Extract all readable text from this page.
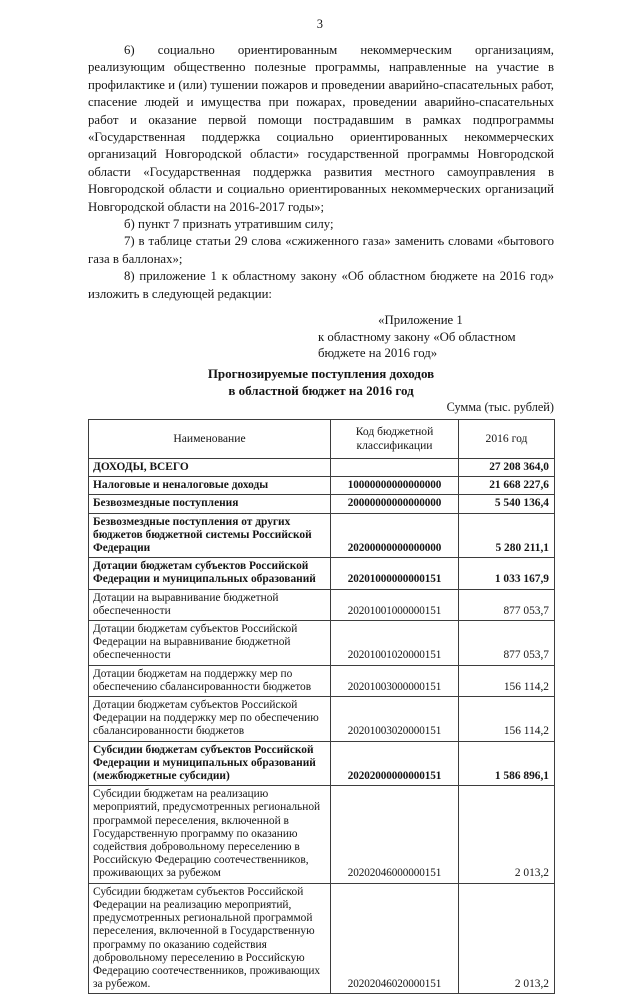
3

6) социально ориентированным некоммерческим организациям, реализующим общественно полезные программы, направленные на участие в профилактике и (или) тушении пожаров и проведении аварийно-спасательных работ, спасение людей и имущества при пожарах, проведении аварийно-спасательных работ и оказание первой помощи пострадавшим в рамках подпрограммы «Государственная поддержка социально ориентированных некоммерческих организаций Новгородской области» государственной программы Новгородской области «Государственная поддержка развития местного самоуправления в Новгородской области и социально ориентированных некоммерческих организаций Новгородской области на 2016-2017 годы»;

б) пункт 7 признать утратившим силу;

7) в таблице статьи 29 слова «сжиженного газа» заменить словами «бытового газа в баллонах»;

8) приложение 1 к областному закону «Об областном бюджете на 2016 год» изложить в следующей редакции:

«Приложение 1
к областному закону «Об областном
бюджете на 2016 год»
Прогнозируемые поступления доходов
в областной бюджет на 2016 год
Сумма (тыс. рублей)
Наименование	Код бюджетной классификации	2016 год
ДОХОДЫ, ВСЕГО		27 208 364,0
Налоговые и неналоговые доходы	10000000000000000	21 668 227,6
Безвозмездные поступления	20000000000000000	5 540 136,4
Безвозмездные поступления от других бюджетов бюджетной системы Российской Федерации	20200000000000000	5 280 211,1
Дотации бюджетам субъектов Российской Федерации и муниципальных образований	20201000000000151	1 033 167,9
Дотации на выравнивание бюджетной обеспеченности	20201001000000151	877 053,7
Дотации бюджетам субъектов Российской Федерации на выравнивание бюджетной обеспеченности	20201001020000151	877 053,7
Дотации бюджетам на поддержку мер по обеспечению сбалансированности бюджетов	20201003000000151	156 114,2
Дотации бюджетам субъектов Российской Федерации на поддержку мер по обеспечению сбалансированности бюджетов	20201003020000151	156 114,2
Субсидии бюджетам субъектов Российской Федерации и муниципальных образований (межбюджетные субсидии)	20202000000000151	1 586 896,1
Субсидии бюджетам на реализацию мероприятий, предусмотренных региональной программой переселения, включенной в Государственную программу по оказанию содействия добровольному переселению в Российскую Федерацию соотечественников, проживающих за рубежом	20202046000000151	2 013,2
Субсидии бюджетам субъектов Российской Федерации на реализацию мероприятий, предусмотренных региональной программой переселения, включенной в Государственную программу по оказанию содействия добровольному переселению в Российскую Федерацию соотечественников, проживающих за рубежом.	20202046020000151	2 013,2
